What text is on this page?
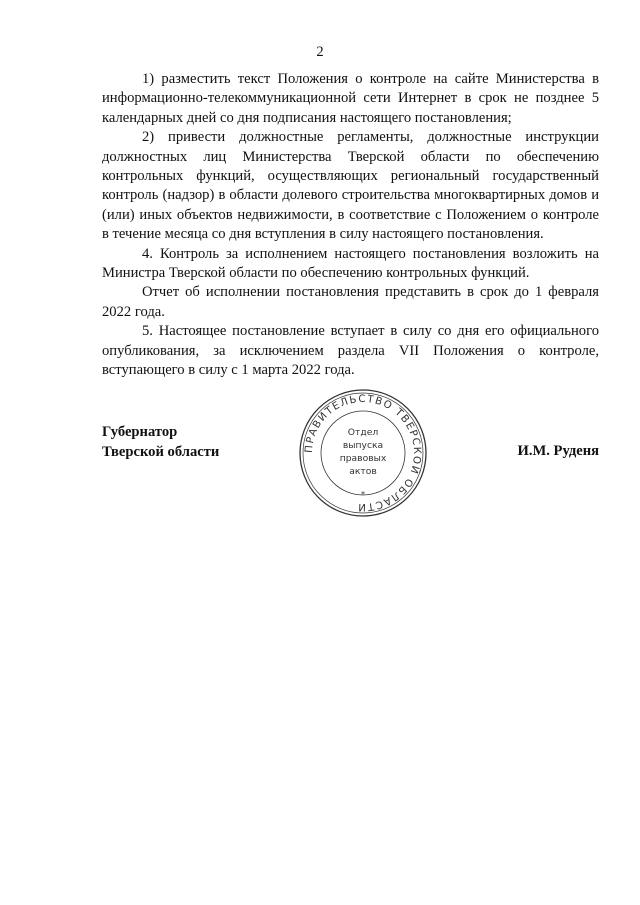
2

1) разместить текст Положения о контроле на сайте Министерства в информационно-телекоммуникационной сети Интернет в срок не позднее 5 календарных дней со дня подписания настоящего постановления;

2) привести должностные регламенты, должностные инструкции должностных лиц Министерства Тверской области по обеспечению контрольных функций, осуществляющих региональный государственный контроль (надзор) в области долевого строительства многоквартирных домов и (или) иных объектов недвижимости, в соответствие с Положением о контроле в течение месяца со дня вступления в силу настоящего постановления.

4. Контроль за исполнением настоящего постановления возложить на Министра Тверской области по обеспечению контрольных функций.

Отчет об исполнении постановления представить в срок до 1 февраля 2022 года.

5. Настоящее постановление вступает в силу со дня его официального опубликования, за исключением раздела VII Положения о контроле, вступающего в силу с 1 марта 2022 года.

Губернатор
Тверской области	ПРАВИТЕЛЬСТВО ТВЕРСКОЙ ОБЛАСТИ
*
Отдел
выпуска
правовых
актов
И.М. Руденя
